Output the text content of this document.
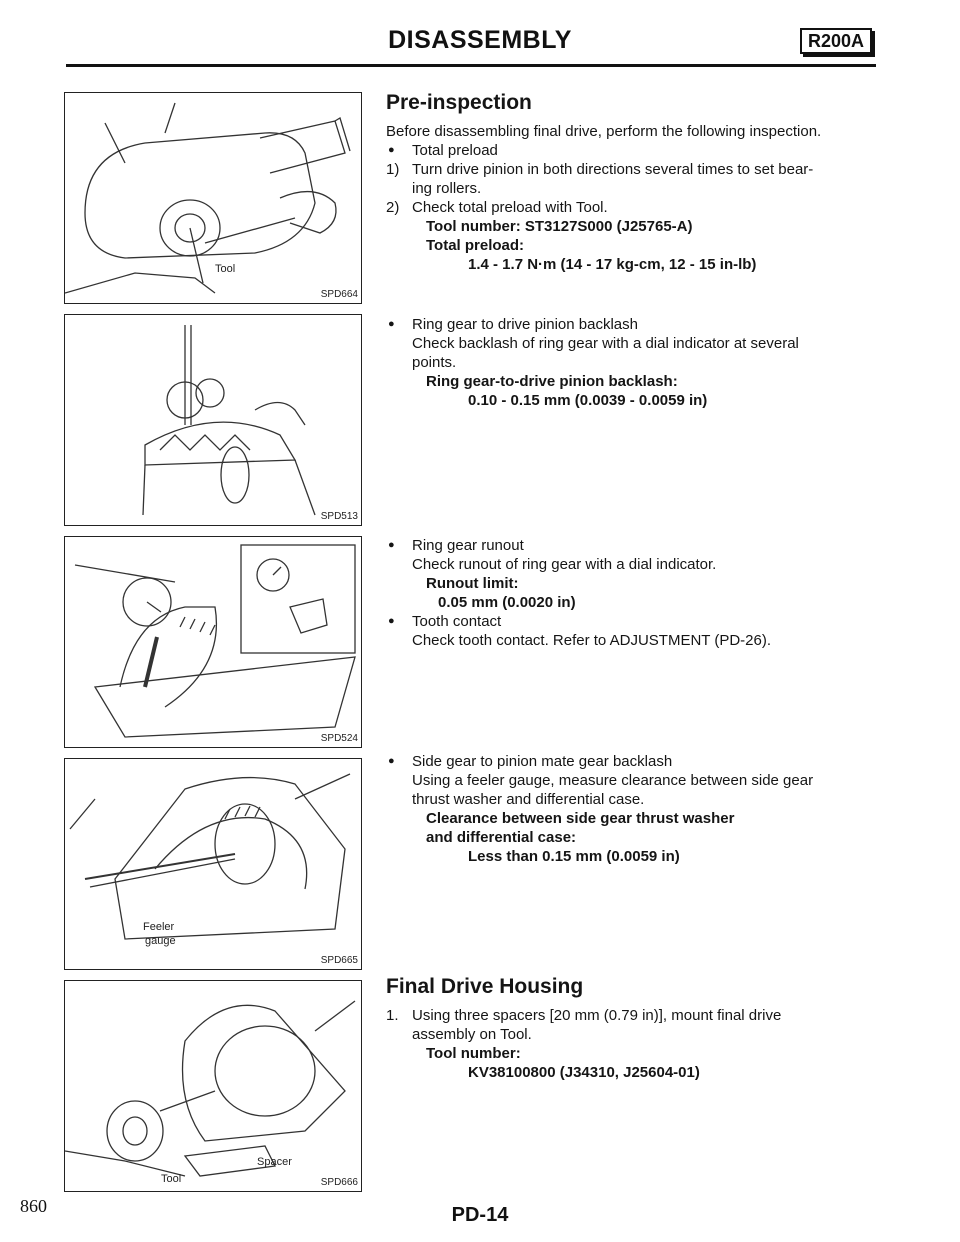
DISASSEMBLY	R200A
Tool
SPD664
SPD513
SPD524
Feeler
gauge
SPD665
Spacer
Tool	SPD666
Pre-inspection
Before disassembling final drive, perform the following inspection.
● Total preload
1) Turn drive pinion in both directions several times to set bear-
ing rollers.
2) Check total preload with Tool.
Tool number: ST3127S000 (J25765-A)
Total preload:
1.4 - 1.7 N·m (14 - 17 kg-cm, 12 - 15 in-lb)
● Ring gear to drive pinion backlash
Check backlash of ring gear with a dial indicator at several
points.
Ring gear-to-drive pinion backlash:
0.10 - 0.15 mm (0.0039 - 0.0059 in)
● Ring gear runout
Check runout of ring gear with a dial indicator.
Runout limit:
0.05 mm (0.0020 in)
● Tooth contact
Check tooth contact. Refer to ADJUSTMENT (PD-26).
● Side gear to pinion mate gear backlash
Using a feeler gauge, measure clearance between side gear
thrust washer and differential case.
Clearance between side gear thrust washer
and differential case:
Less than 0.15 mm (0.0059 in)
Final Drive Housing
1. Using three spacers [20 mm (0.79 in)], mount final drive
assembly on Tool.
Tool number:
KV38100800 (J34310, J25604-01)
860	PD-14
